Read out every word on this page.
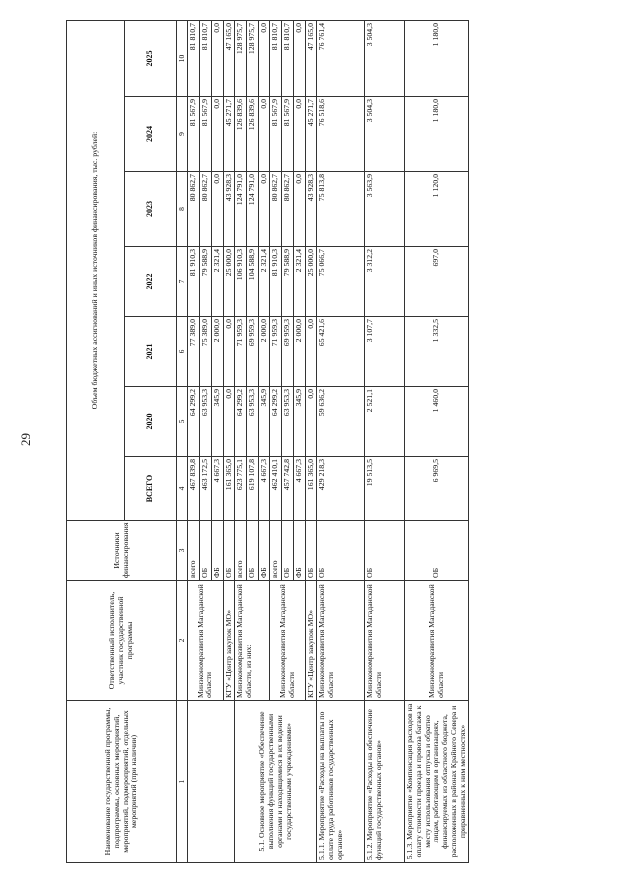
29
Наименование государственной программы, подпрограммы, основных мероприятий, мероприятий, подмероприятий, отдельных мероприятий (при наличии)	Ответственный исполнитель, участник государственной программы	Источники финансирования	Объем бюджетных ассигнований и иных источников финансирования, тыс. рублей:						
			ВСЕГО	2020	2021	2022	2023	2024	2025
1	2	3	4	5	6	7	8	9	10
	Минэкономразвития Магаданской области	всего	467 839,8	64 299,2	77 389,0	81 910,3	80 862,7	81 567,9	81 810,7
		ОБ	463 172,5	63 953,3	75 389,0	79 588,9	80 862,7	81 567,9	81 810,7
		ФБ	4 667,3	345,9	2 000,0	2 321,4	0,0	0,0	0,0
	КГУ «Центр закупок МО»	ОБ	161 365,0	0,0	0,0	25 000,0	43 928,3	45 271,7	47 165,0
5.1. Основное мероприятие «Обеспечение выполнения функций государственными органами и находящимися в их ведении государственными учреждениями»	Минэкономразвития Магаданской области, из них:	всего	623 775,1	64 299,2	71 959,3	106 910,3	124 791,0	126 839,6	128 975,7
		ОБ	619 107,8	63 953,3	69 959,3	104 588,9	124 791,0	126 839,6	128 975,7
		ФБ	4 667,3	345,9	2 000,0	2 321,4	0,0	0,0	0,0
	Минэкономразвития Магаданской области	всего	462 410,1	64 299,2	71 959,3	81 910,3	80 862,7	81 567,9	81 810,7
		ОБ	457 742,8	63 953,3	69 959,3	79 588,9	80 862,7	81 567,9	81 810,7
		ФБ	4 667,3	345,9	2 000,0	2 321,4	0,0	0,0	0,0
	КГУ «Центр закупок МО»	ОБ	161 365,0	0,0	0,0	25 000,0	43 928,3	45 271,7	47 165,0
5.1.1. Мероприятие «Расходы на выплаты по оплате труда работников государственных органов»	Минэкономразвития Магаданской области	ОБ	429 218,3	59 636,2	65 421,6	75 066,7	75 813,8	76 518,6	76 761,4
5.1.2. Мероприятие «Расходы на обеспечение функций государственных органов»	Минэкономразвития Магаданской области	ОБ	19 513,5	2 521,1	3 107,7	3 312,2	3 563,9	3 504,3	3 504,3
5.1.3. Мероприятие «Компенсация расходов на оплату стоимости проезда и провоза багажа к месту использования отпуска и обратно лицам, работающим в организациях, финансируемых из областного бюджета, расположенных в районах Крайнего Севера и приравненных к ним местностях»	Минэкономразвития Магаданской области	ОБ	6 969,5	1 460,0	1 332,5	697,0	1 120,0	1 180,0	1 180,0
